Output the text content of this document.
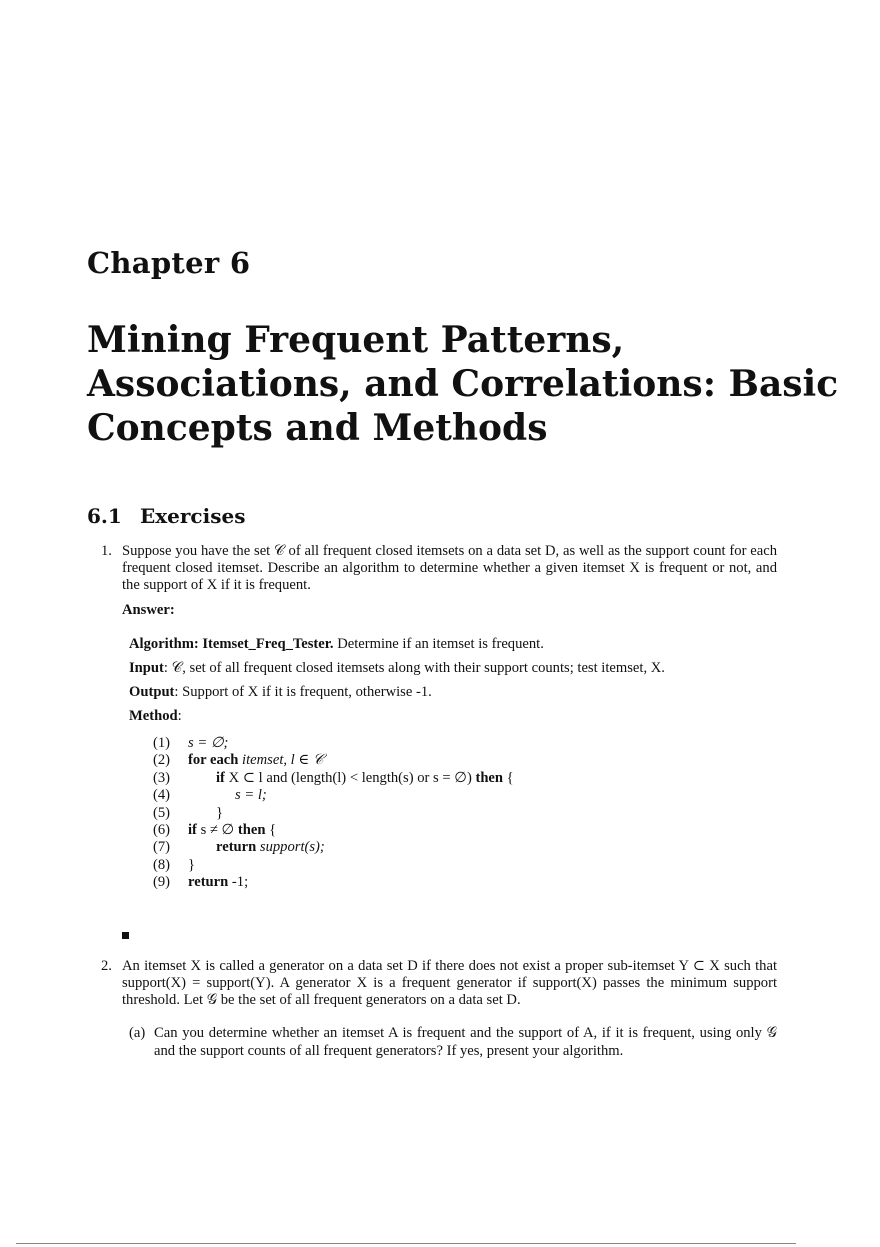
Chapter 6
Mining Frequent Patterns,
Associations, and Correlations: Basic
Concepts and Methods
6.1 Exercises
1. Suppose you have the set 𝒞 of all frequent closed itemsets on a data set D, as well as the support count for each frequent closed itemset. Describe an algorithm to determine whether a given itemset X is frequent or not, and the support of X if it is frequent.
Answer:
Algorithm: Itemset_Freq_Tester. Determine if an itemset is frequent.
Input: 𝒞, set of all frequent closed itemsets along with their support counts; test itemset, X.
Output: Support of X if it is frequent, otherwise -1.
Method:
(1)	s = ∅;
(2)	for each itemset, l ∈ 𝒞
(3)	if X ⊂ l and (length(l) < length(s) or s = ∅) then {
(4)	s = l;
(5)	}
(6)	if s ≠ ∅ then {
(7)	return support(s);
(8)	}
(9)	return -1;
2. An itemset X is called a generator on a data set D if there does not exist a proper sub-itemset Y ⊂ X such that support(X) = support(Y). A generator X is a frequent generator if support(X) passes the minimum support threshold. Let 𝒢 be the set of all frequent generators on a data set D.
(a) Can you determine whether an itemset A is frequent and the support of A, if it is frequent, using only 𝒢 and the support counts of all frequent generators? If yes, present your algorithm.
